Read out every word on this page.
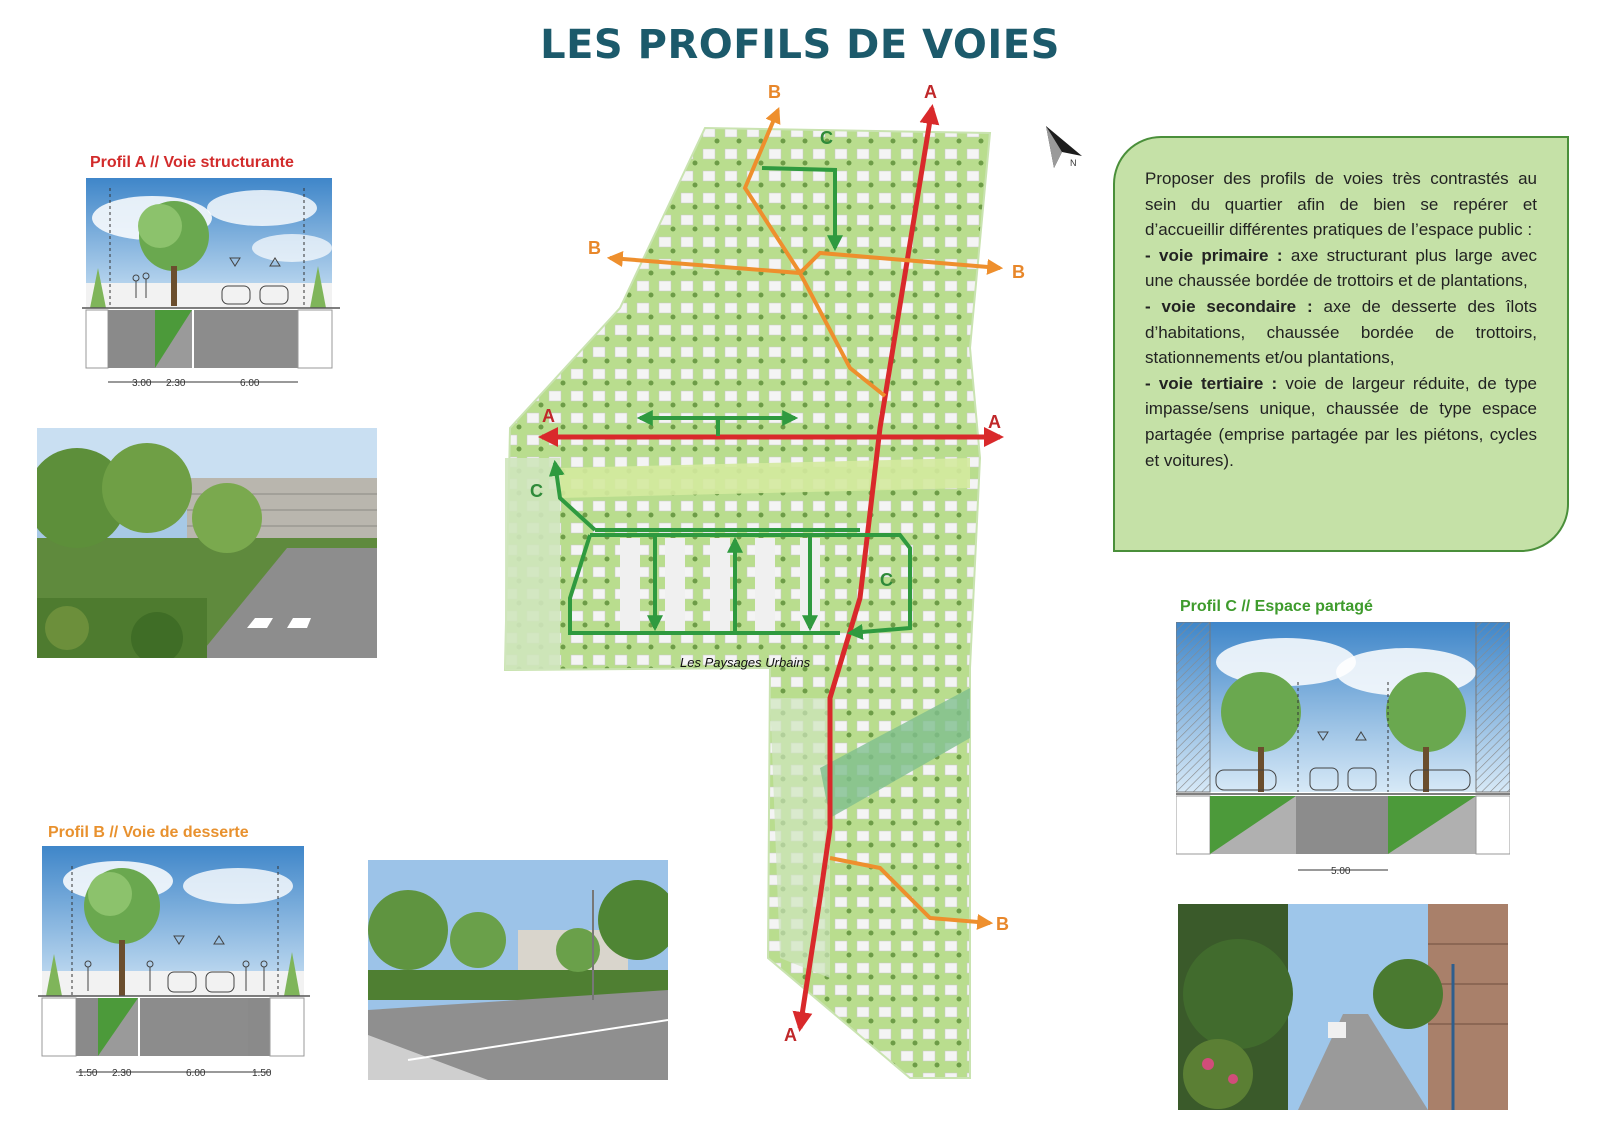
LES PROFILS DE VOIES
Profil A // Voie structurante
3.00 2.30	6.00
Profil B // Voie de desserte
1.50 2.30	6.00	1.50
Profil C // Espace partagé
5.00
A
A	A
A
B
B
B
B
C
C
C
Les Paysages Urbains
N

Proposer des profils de voies très contrastés au sein du quartier afin de bien se repérer et d’accueillir différentes pratiques de l’espace public :

- voie primaire : axe structurant plus large avec une chaussée bordée de trottoirs et de plantations,

- voie secondaire : axe de desserte des îlots d’habitations, chaussée bordée de trottoirs, stationnements et/ou plantations,

- voie tertiaire : voie de largeur réduite, de type impasse/sens unique, chaussée de type espace partagée (emprise partagée par les piétons, cycles et voitures).
